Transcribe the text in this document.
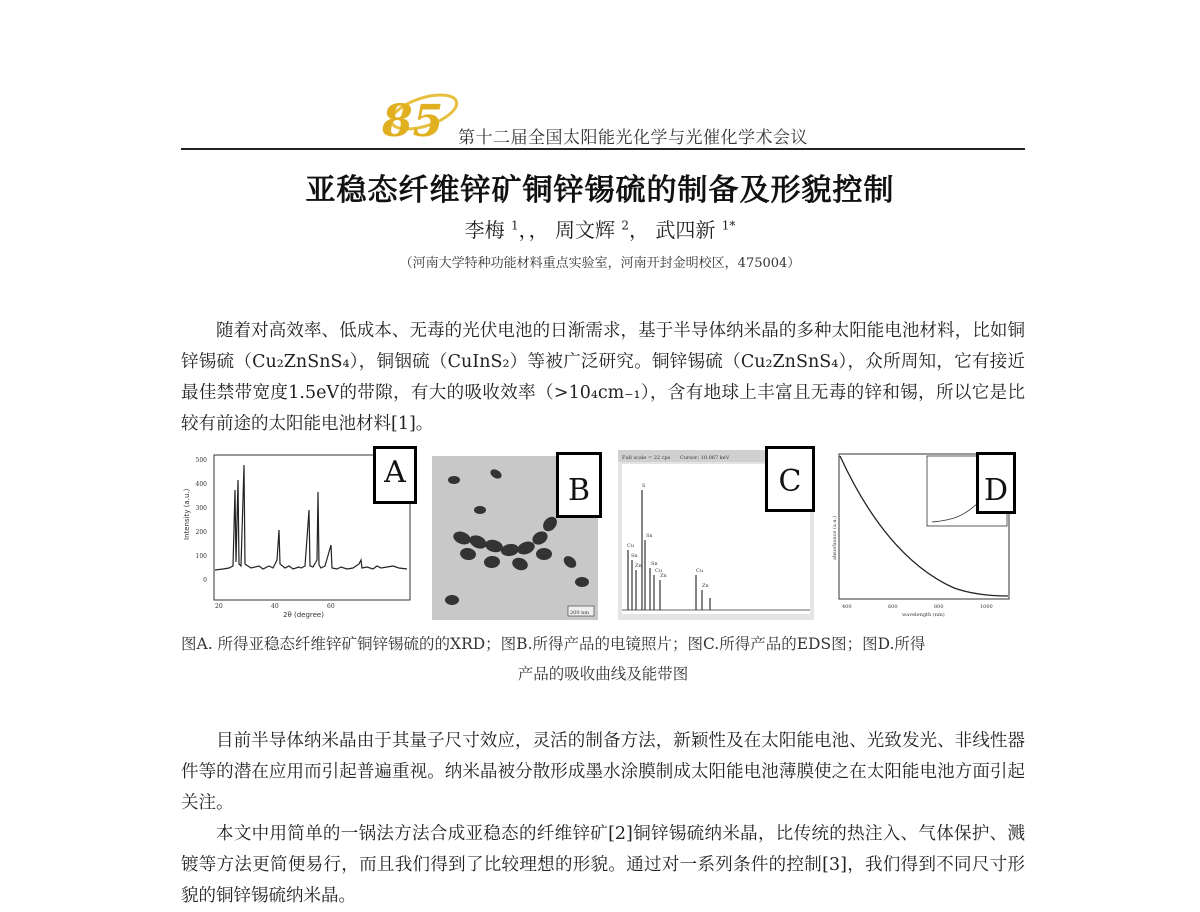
85 第十二届全国太阳能光化学与光催化学术会议
亚稳态纤维锌矿铜锌锡硫的制备及形貌控制
李梅 $^1$，， 周文辉 $^2$， 武四新 $^{1*}$
（河南大学特种功能材料重点实验室，河南开封金明校区，475004）
随着对高效率、低成本、无毒的光伏电池的日渐需求，基于半导体纳米晶的多种太阳能电池材料，比如铜锌锡硫（Cu₂ZnSnS₄），铜铟硫（CuInS₂）等被广泛研究。铜锌锡硫（Cu₂ZnSnS₄），众所周知，它有接近最佳禁带宽度1.5eV的带隙，有大的吸收效率（>10₄cm₋₁），含有地球上丰富且无毒的锌和锡，所以它是比较有前途的太阳能电池材料[1]。
Intensity (a.u.)
500
400
300
200
100
0
20	40	60
2θ (degree)
A
200 nm
B
Full scale = 22 cps Cursor: 10.067 keV
Cu
Sn
Zn
S
Sn
Sn
Cu
Zn
Cu
Zn
C
absorbance (a.u.)
400	600	800	1000
wavelength (nm)
D
图A. 所得亚稳态纤维锌矿铜锌锡硫的的XRD；图B.所得产品的电镜照片；图C.所得产品的EDS图；图D.所得
产品的吸收曲线及能带图
目前半导体纳米晶由于其量子尺寸效应，灵活的制备方法，新颖性及在太阳能电池、光致发光、非线性器件等的潜在应用而引起普遍重视。纳米晶被分散形成墨水涂膜制成太阳能电池薄膜使之在太阳能电池方面引起关注。
本文中用简单的一锅法方法合成亚稳态的纤维锌矿[2]铜锌锡硫纳米晶，比传统的热注入、气体保护、溅镀等方法更简便易行，而且我们得到了比较理想的形貌。通过对一系列条件的控制[3]，我们得到不同尺寸形貌的铜锌锡硫纳米晶。
